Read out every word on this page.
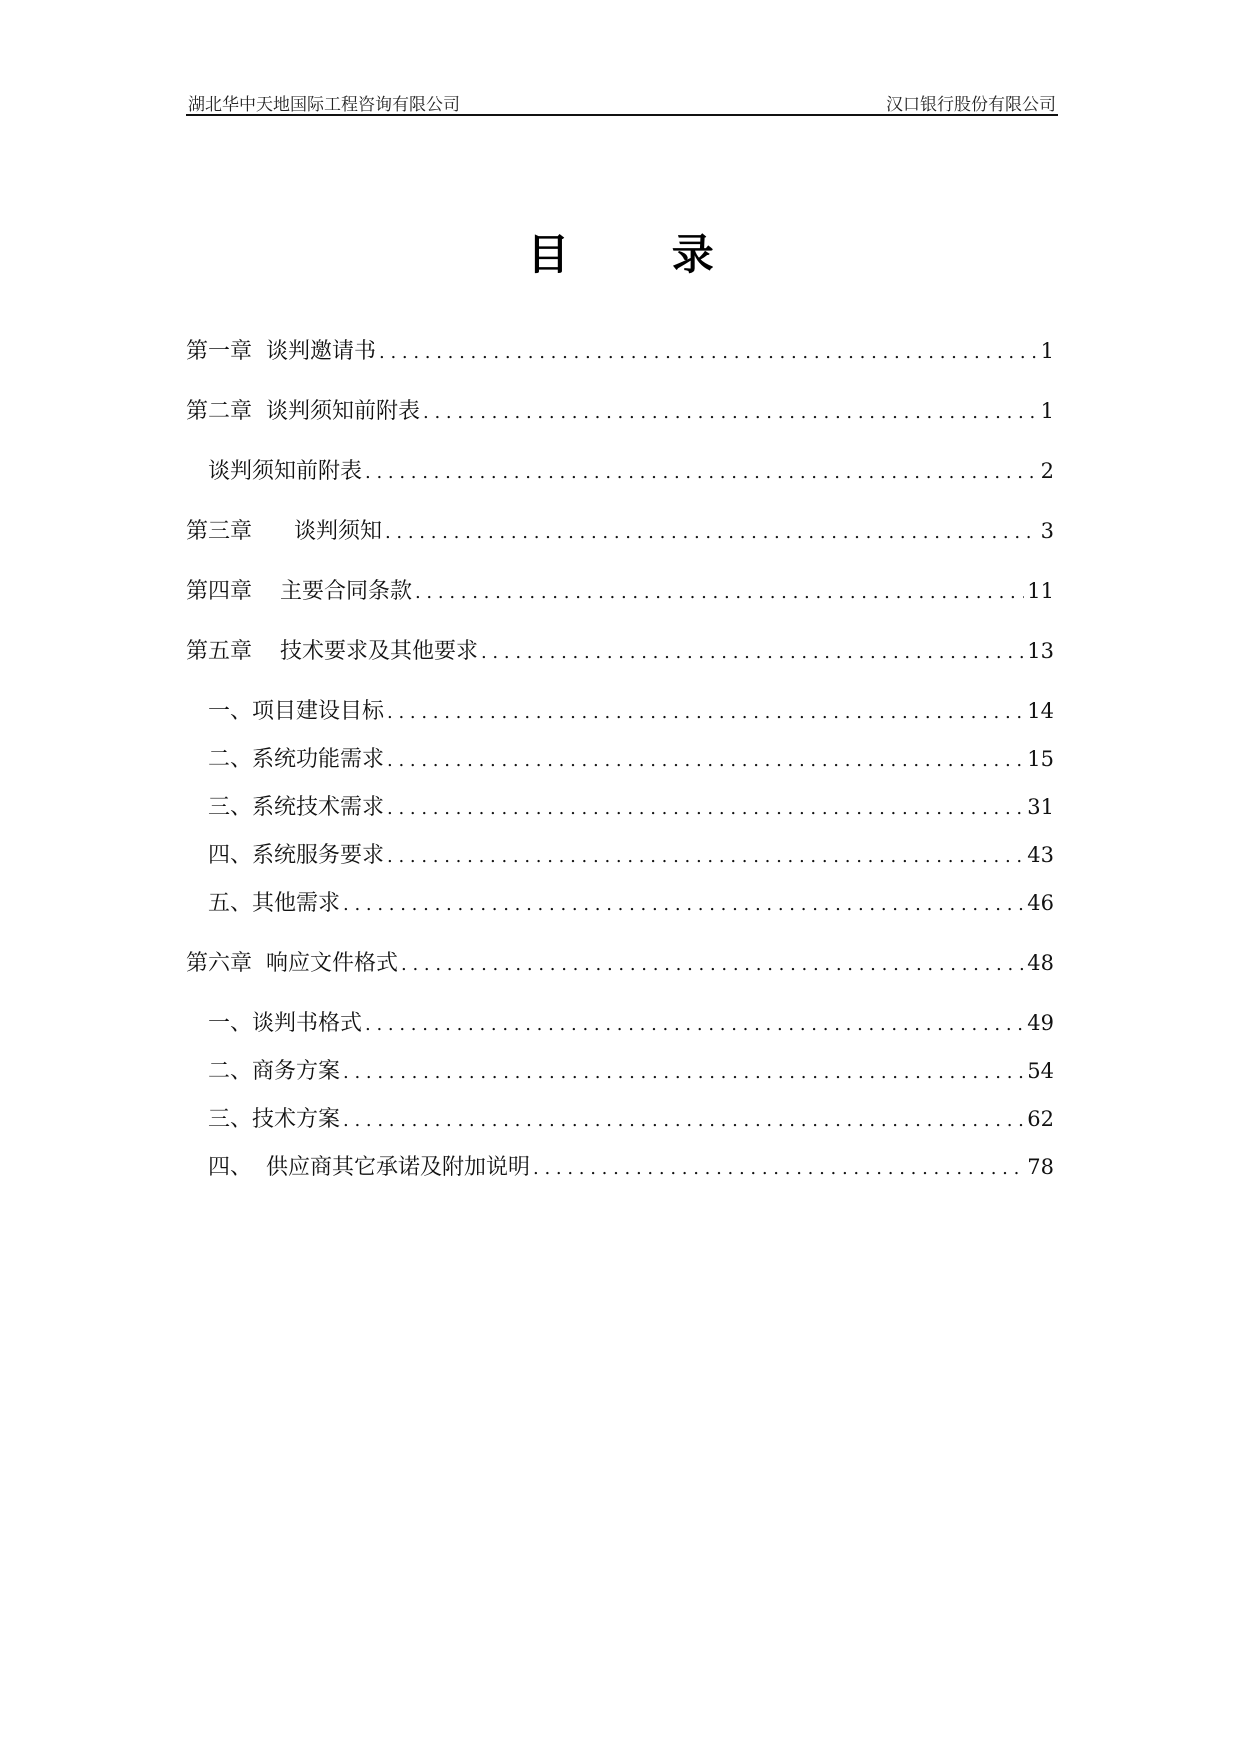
湖北华中天地国际工程咨询有限公司	汉口银行股份有限公司
目 录
第一章  谈判邀请书 . . .	1
第二章  谈判须知前附表 . . .	1
谈判须知前附表 . . .	2
第三章      谈判须知 . . .	3
第四章    主要合同条款 . . .	11
第五章    技术要求及其他要求 . . .	13
一、项目建设目标 . . .	14
二、系统功能需求 . . .	15
三、系统技术需求 . . .	31
四、系统服务要求 . . .	43
五、其他需求 . . .	46
第六章  响应文件格式 . . .	48
一、谈判书格式 . . .	49
二、商务方案 . . .	54
三、技术方案 . . .	62
四、  供应商其它承诺及附加说明 . . .	78
